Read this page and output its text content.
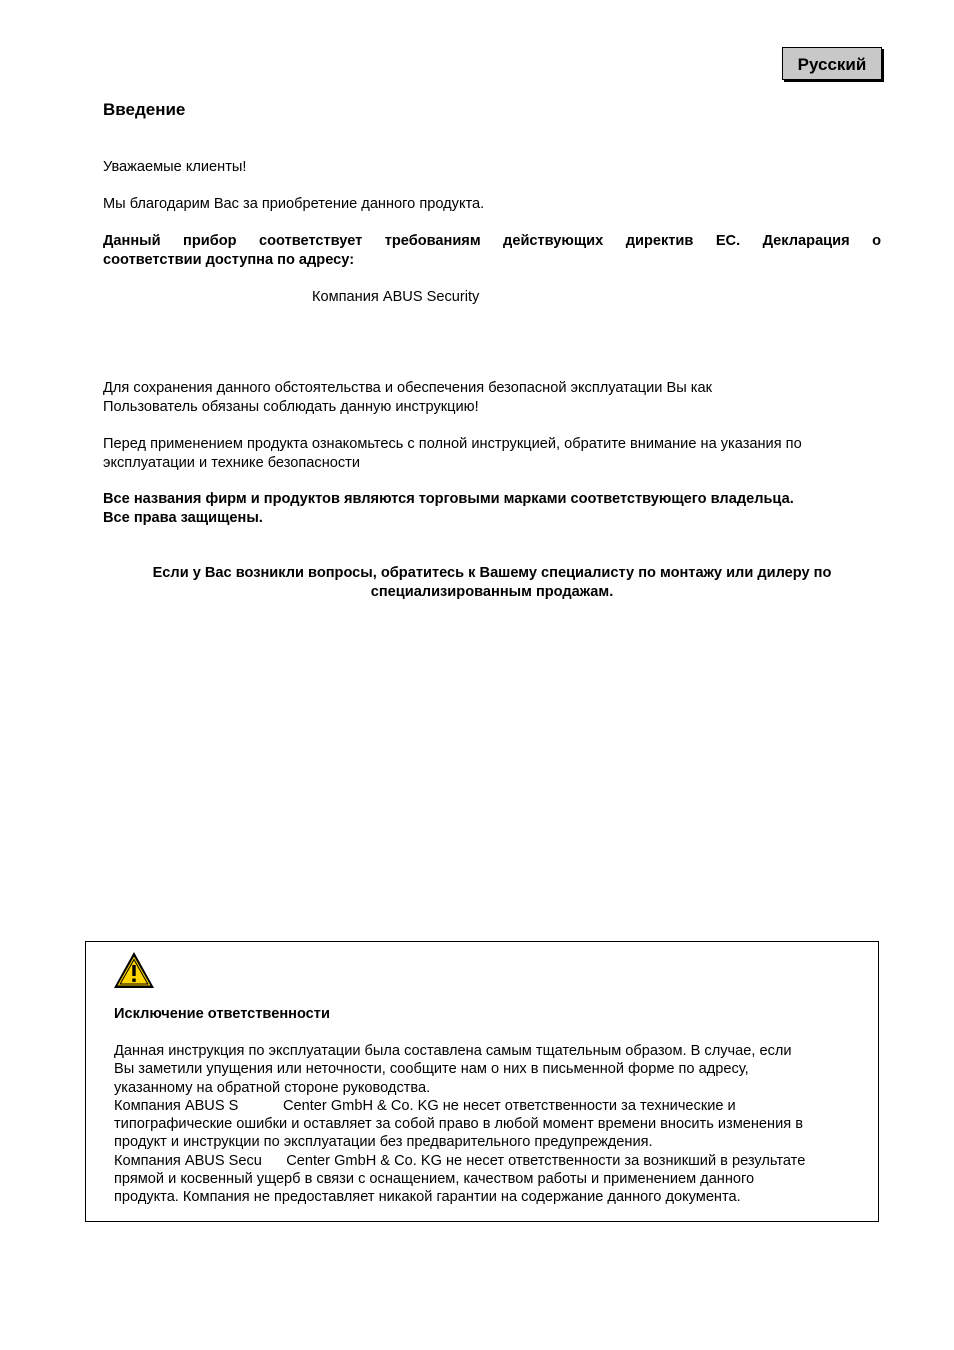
Русский
Введение

Уважаемые клиенты!

Мы благодарим Вас за приобретение данного продукта.

Данный прибор соответствует требованиям действующих директив ЕС. Декларация о
соответствии доступна по адресу:
Компания ABUS Security
Для сохранения данного обстоятельства и обеспечения безопасной эксплуатации Вы как
Пользователь обязаны соблюдать данную инструкцию!
Перед применением продукта ознакомьтесь с полной инструкцией, обратите внимание на указания по
эксплуатации и технике безопасности
Все названия фирм и продуктов являются торговыми марками соответствующего владельца.
Все права защищены.
Если у Вас возникли вопросы, обратитесь к Вашему специалисту по монтажу или дилеру по
специализированным продажам.
Исключение ответственности
Данная инструкция по эксплуатации была составлена самым тщательным образом. В случае, если
Вы заметили упущения или неточности, сообщите нам о них в письменной форме по адресу,
указанному на обратной стороне руководства.
Компания ABUS S           Center GmbH & Co. KG не несет ответственности за технические и
типографические ошибки и оставляет за собой право в любой момент времени вносить изменения в
продукт и инструкции по эксплуатации без предварительного предупреждения.
Компания ABUS Secu      Center GmbH & Co. KG не несет ответственности за возникший в результате
прямой и косвенный ущерб в связи с оснащением, качеством работы и применением данного
продукта. Компания не предоставляет никакой гарантии на содержание данного документа.
